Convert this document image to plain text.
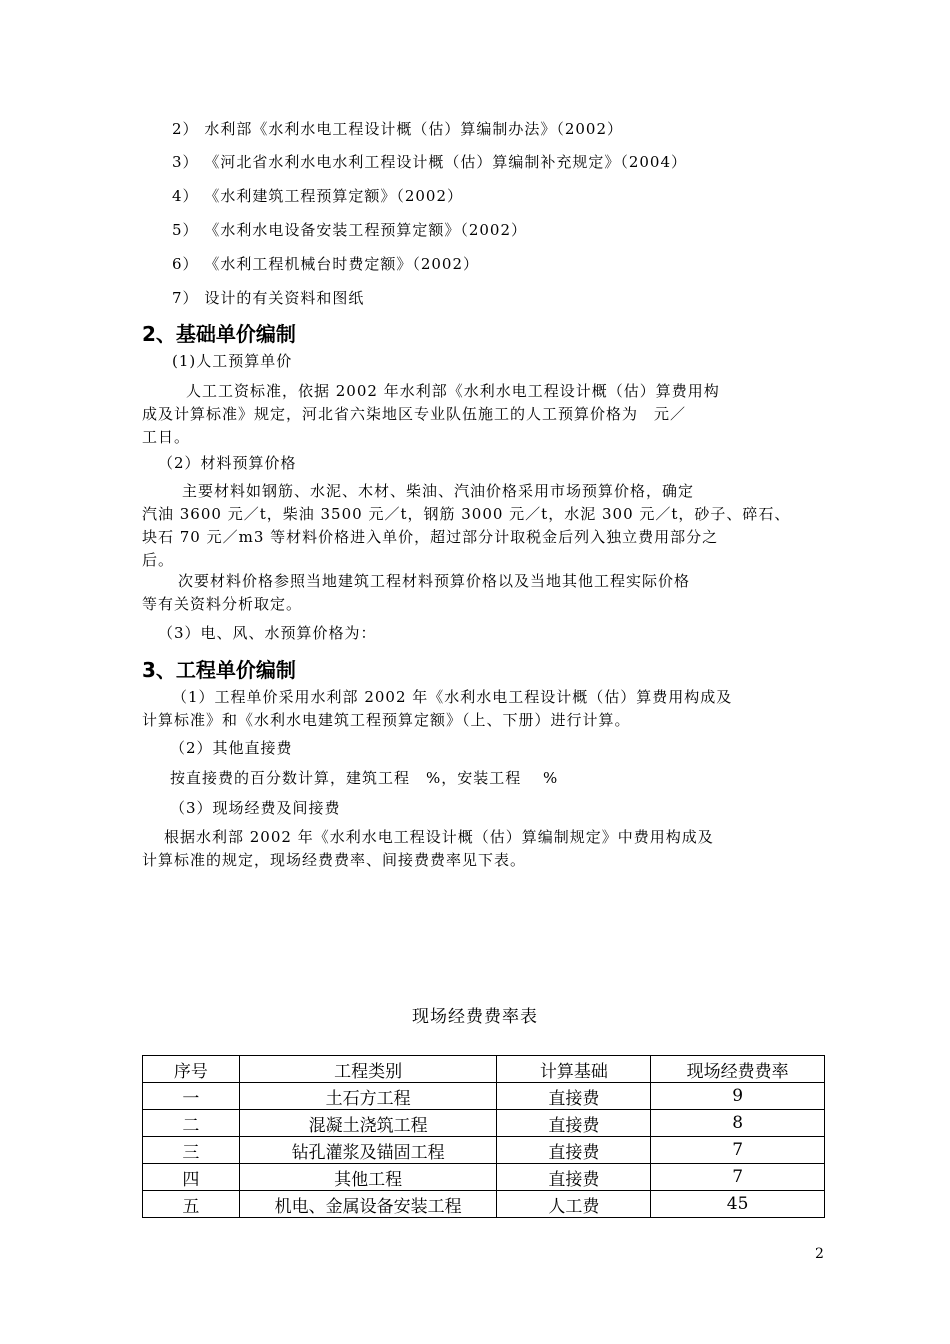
2） 水利部《水利水电工程设计概（估）算编制办法》（2002）
3） 《河北省水利水电水利工程设计概（估）算编制补充规定》（2004）
4） 《水利建筑工程预算定额》（2002）
5） 《水利水电设备安装工程预算定额》（2002）
6） 《水利工程机械台时费定额》（2002）
7） 设计的有关资料和图纸
2、基础单价编制
(1)人工预算单价
人工工资标准，依据 2002 年水利部《水利水电工程设计概（估）算费用构
成及计算标准》规定，河北省六柒地区专业队伍施工的人工预算价格为　元／
工日。
（2）材料预算价格
主要材料如钢筋、水泥、木材、柴油、汽油价格采用市场预算价格，确定
汽油 3600 元／t，柴油 3500 元／t，钢筋 3000 元／t，水泥 300 元／t，砂子、碎石、
块石 70 元／m3 等材料价格进入单价，超过部分计取税金后列入独立费用部分之
后。
次要材料价格参照当地建筑工程材料预算价格以及当地其他工程实际价格
等有关资料分析取定。
（3）电、风、水预算价格为：
3、工程单价编制
（1）工程单价采用水利部 2002 年《水利水电工程设计概（估）算费用构成及
计算标准》和《水利水电建筑工程预算定额》（上、下册）进行计算。
（2）其他直接费
按直接费的百分数计算，建筑工程　%，安装工程　 %
（3）现场经费及间接费
根据水利部 2002 年《水利水电工程设计概（估）算编制规定》中费用构成及
计算标准的规定，现场经费费率、间接费费率见下表。
现场经费费率表
序号	工程类别	计算基础	现场经费费率
一	土石方工程	直接费	9
二	混凝土浇筑工程	直接费	8
三	钻孔灌浆及锚固工程	直接费	7
四	其他工程	直接费	7
五	机电、金属设备安装工程	人工费	45
2
